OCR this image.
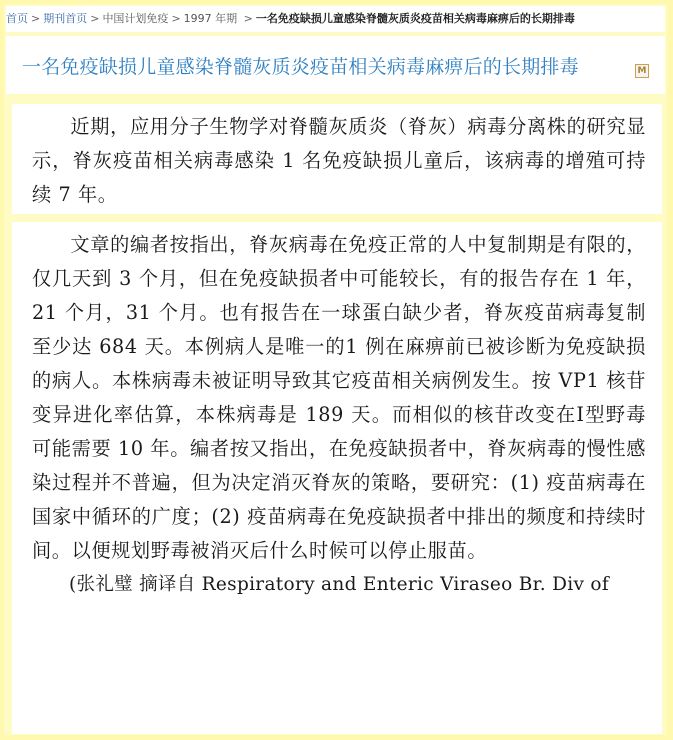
首页 > 期刊首页 > 中国计划免疫 > 1997 年期 > 一名免疫缺损儿童感染脊髓灰质炎疫苗相关病毒麻痹后的长期排毒
一名免疫缺损儿童感染脊髓灰质炎疫苗相关病毒麻痹后的长期排毒	M

近期，应用分子生物学对脊髓灰质炎（脊灰）病毒分离株的研究显示，脊灰疫苗相关病毒感染 1 名免疫缺损儿童后，该病毒的增殖可持续 7 年。

文章的编者按指出，脊灰病毒在免疫正常的人中复制期是有限的，仅几天到 3 个月，但在免疫缺损者中可能较长，有的报告存在 1 年，21 个月，31 个月。也有报告在一球蛋白缺少者，脊灰疫苗病毒复制至少达 684 天。本例病人是唯一的1 例在麻痹前已被诊断为免疫缺损的病人。本株病毒未被证明导致其它疫苗相关病例发生。按 VP1 核苷变异进化率估算，本株病毒是 189 天。而相似的核苷改变在Ⅰ型野毒可能需要 10 年。编者按又指出，在免疫缺损者中，脊灰病毒的慢性感染过程并不普遍，但为决定消灭脊灰的策略，要研究：(1) 疫苗病毒在国家中循环的广度；(2) 疫苗病毒在免疫缺损者中排出的频度和持续时间。以便规划野毒被消灭后什么时候可以停止服苗。

(张礼璧 摘译自 Respiratory and Enteric Viraseo Br. Div of
